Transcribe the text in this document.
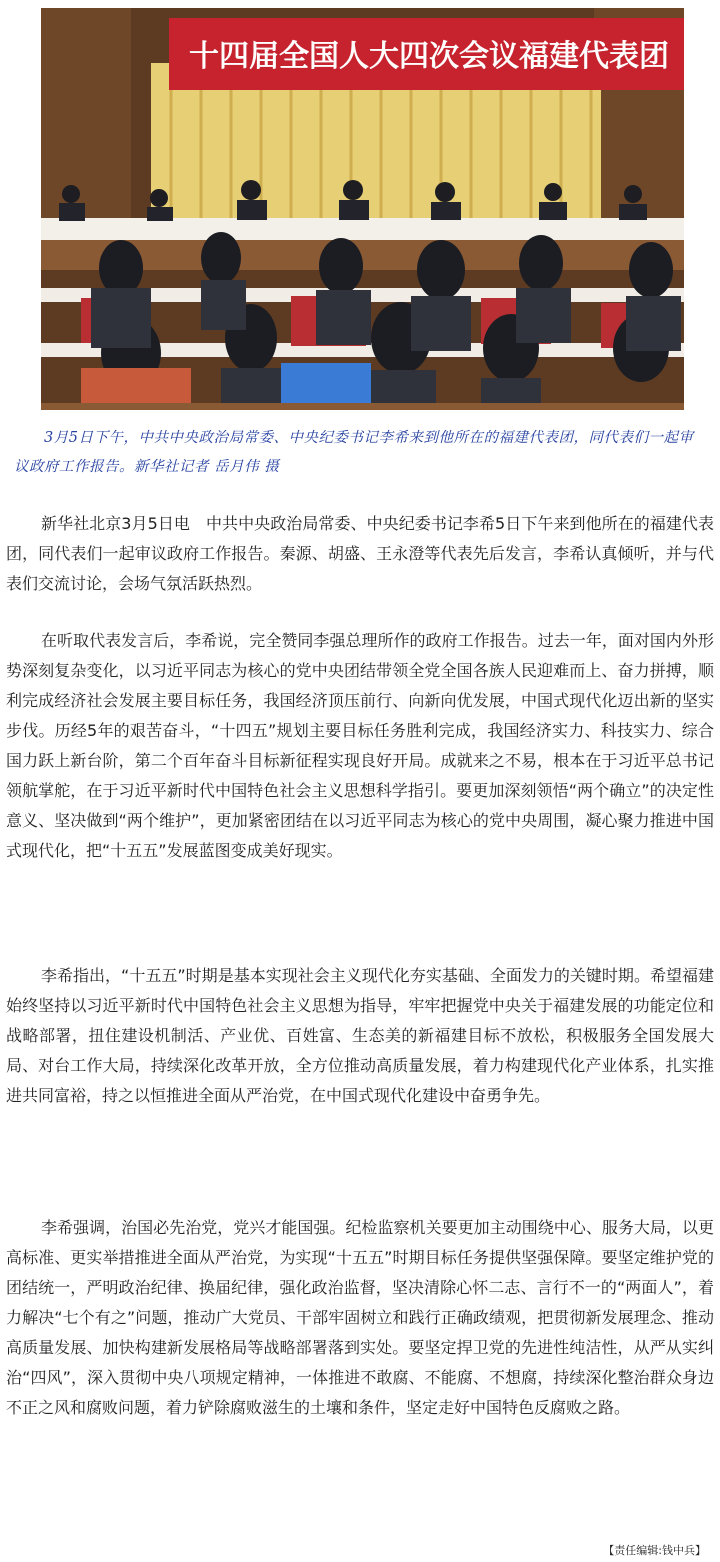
十四届全国人大四次会议福建代表团

3月5日下午，中共中央政治局常委、中央纪委书记李希来到他所在的福建代表团，同代表们一起审议政府工作报告。新华社记者 岳月伟 摄

新华社北京3月5日电　中共中央政治局常委、中央纪委书记李希5日下午来到他所在的福建代表团，同代表们一起审议政府工作报告。秦源、胡盛、王永澄等代表先后发言，李希认真倾听，并与代表们交流讨论，会场气氛活跃热烈。

在听取代表发言后，李希说，完全赞同李强总理所作的政府工作报告。过去一年，面对国内外形势深刻复杂变化，以习近平同志为核心的党中央团结带领全党全国各族人民迎难而上、奋力拼搏，顺利完成经济社会发展主要目标任务，我国经济顶压前行、向新向优发展，中国式现代化迈出新的坚实步伐。历经5年的艰苦奋斗，“十四五”规划主要目标任务胜利完成，我国经济实力、科技实力、综合国力跃上新台阶，第二个百年奋斗目标新征程实现良好开局。成就来之不易，根本在于习近平总书记领航掌舵，在于习近平新时代中国特色社会主义思想科学指引。要更加深刻领悟“两个确立”的决定性意义、坚决做到“两个维护”，更加紧密团结在以习近平同志为核心的党中央周围，凝心聚力推进中国式现代化，把“十五五”发展蓝图变成美好现实。

李希指出，“十五五”时期是基本实现社会主义现代化夯实基础、全面发力的关键时期。希望福建始终坚持以习近平新时代中国特色社会主义思想为指导，牢牢把握党中央关于福建发展的功能定位和战略部署，扭住建设机制活、产业优、百姓富、生态美的新福建目标不放松，积极服务全国发展大局、对台工作大局，持续深化改革开放，全方位推动高质量发展，着力构建现代化产业体系，扎实推进共同富裕，持之以恒推进全面从严治党，在中国式现代化建设中奋勇争先。

李希强调，治国必先治党，党兴才能国强。纪检监察机关要更加主动围绕中心、服务大局，以更高标准、更实举措推进全面从严治党，为实现“十五五”时期目标任务提供坚强保障。要坚定维护党的团结统一，严明政治纪律、换届纪律，强化政治监督，坚决清除心怀二志、言行不一的“两面人”，着力解决“七个有之”问题，推动广大党员、干部牢固树立和践行正确政绩观，把贯彻新发展理念、推动高质量发展、加快构建新发展格局等战略部署落到实处。要坚定捍卫党的先进性纯洁性，从严从实纠治“四风”，深入贯彻中央八项规定精神，一体推进不敢腐、不能腐、不想腐，持续深化整治群众身边不正之风和腐败问题，着力铲除腐败滋生的土壤和条件，坚定走好中国特色反腐败之路。

【责任编辑:钱中兵】
